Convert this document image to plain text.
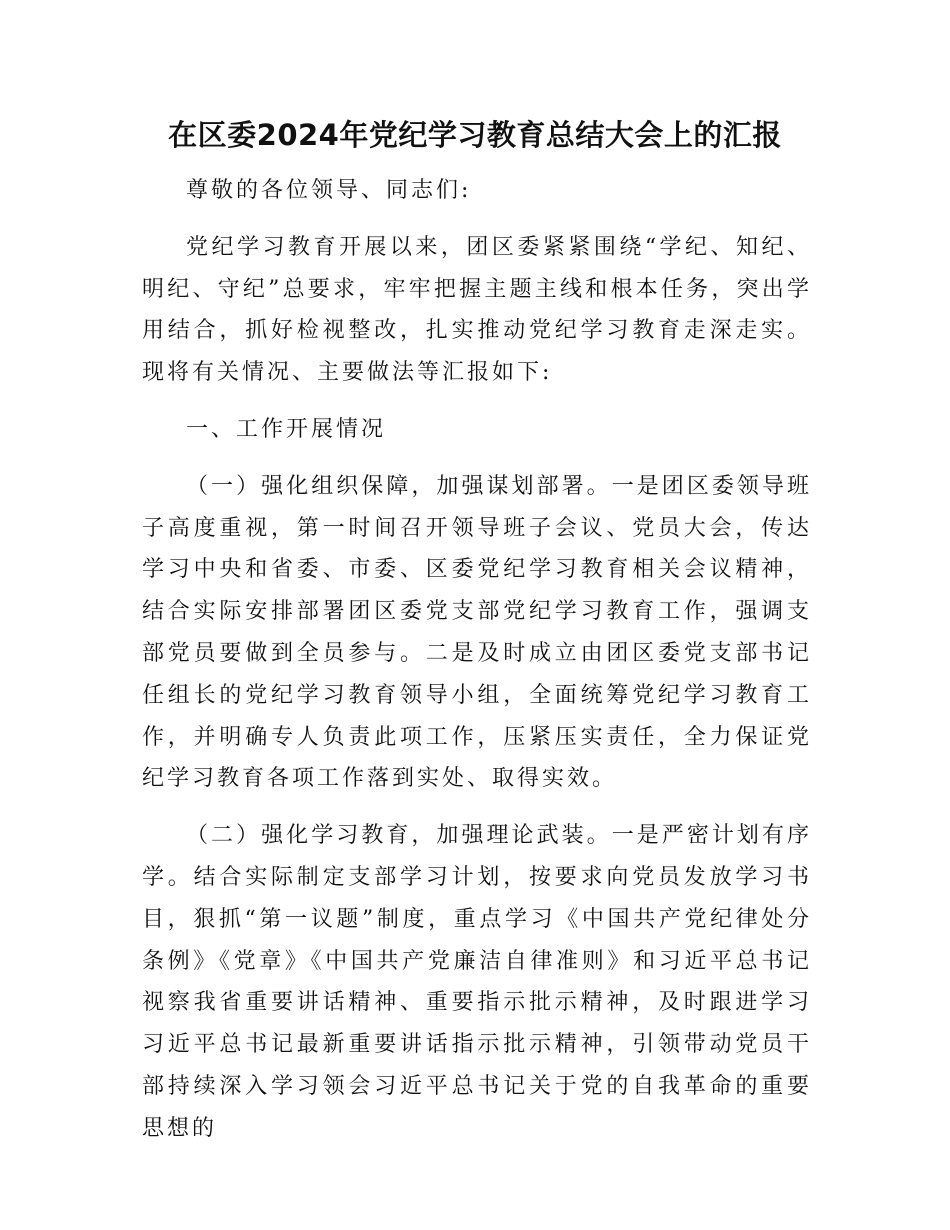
在区委2024年党纪学习教育总结大会上的汇报

尊敬的各位领导、同志们:

党纪学习教育开展以来，团区委紧紧围绕“学纪、知纪、明纪、守纪”总要求，牢牢把握主题主线和根本任务，突出学用结合，抓好检视整改，扎实推动党纪学习教育走深走实。现将有关情况、主要做法等汇报如下:

一、工作开展情况

（一）强化组织保障，加强谋划部署。一是团区委领导班子高度重视，第一时间召开领导班子会议、党员大会，传达学习中央和省委、市委、区委党纪学习教育相关会议精神，结合实际安排部署团区委党支部党纪学习教育工作，强调支部党员要做到全员参与。二是及时成立由团区委党支部书记任组长的党纪学习教育领导小组，全面统筹党纪学习教育工作，并明确专人负责此项工作，压紧压实责任，全力保证党纪学习教育各项工作落到实处、取得实效。

（二）强化学习教育，加强理论武装。一是严密计划有序学。结合实际制定支部学习计划，按要求向党员发放学习书目，狠抓“第一议题”制度，重点学习《中国共产党纪律处分条例》《党章》《中国共产党廉洁自律准则》和习近平总书记视察我省重要讲话精神、重要指示批示精神，及时跟进学习习近平总书记最新重要讲话指示批示精神，引领带动党员干部持续深入学习领会习近平总书记关于党的自我革命的重要思想的
